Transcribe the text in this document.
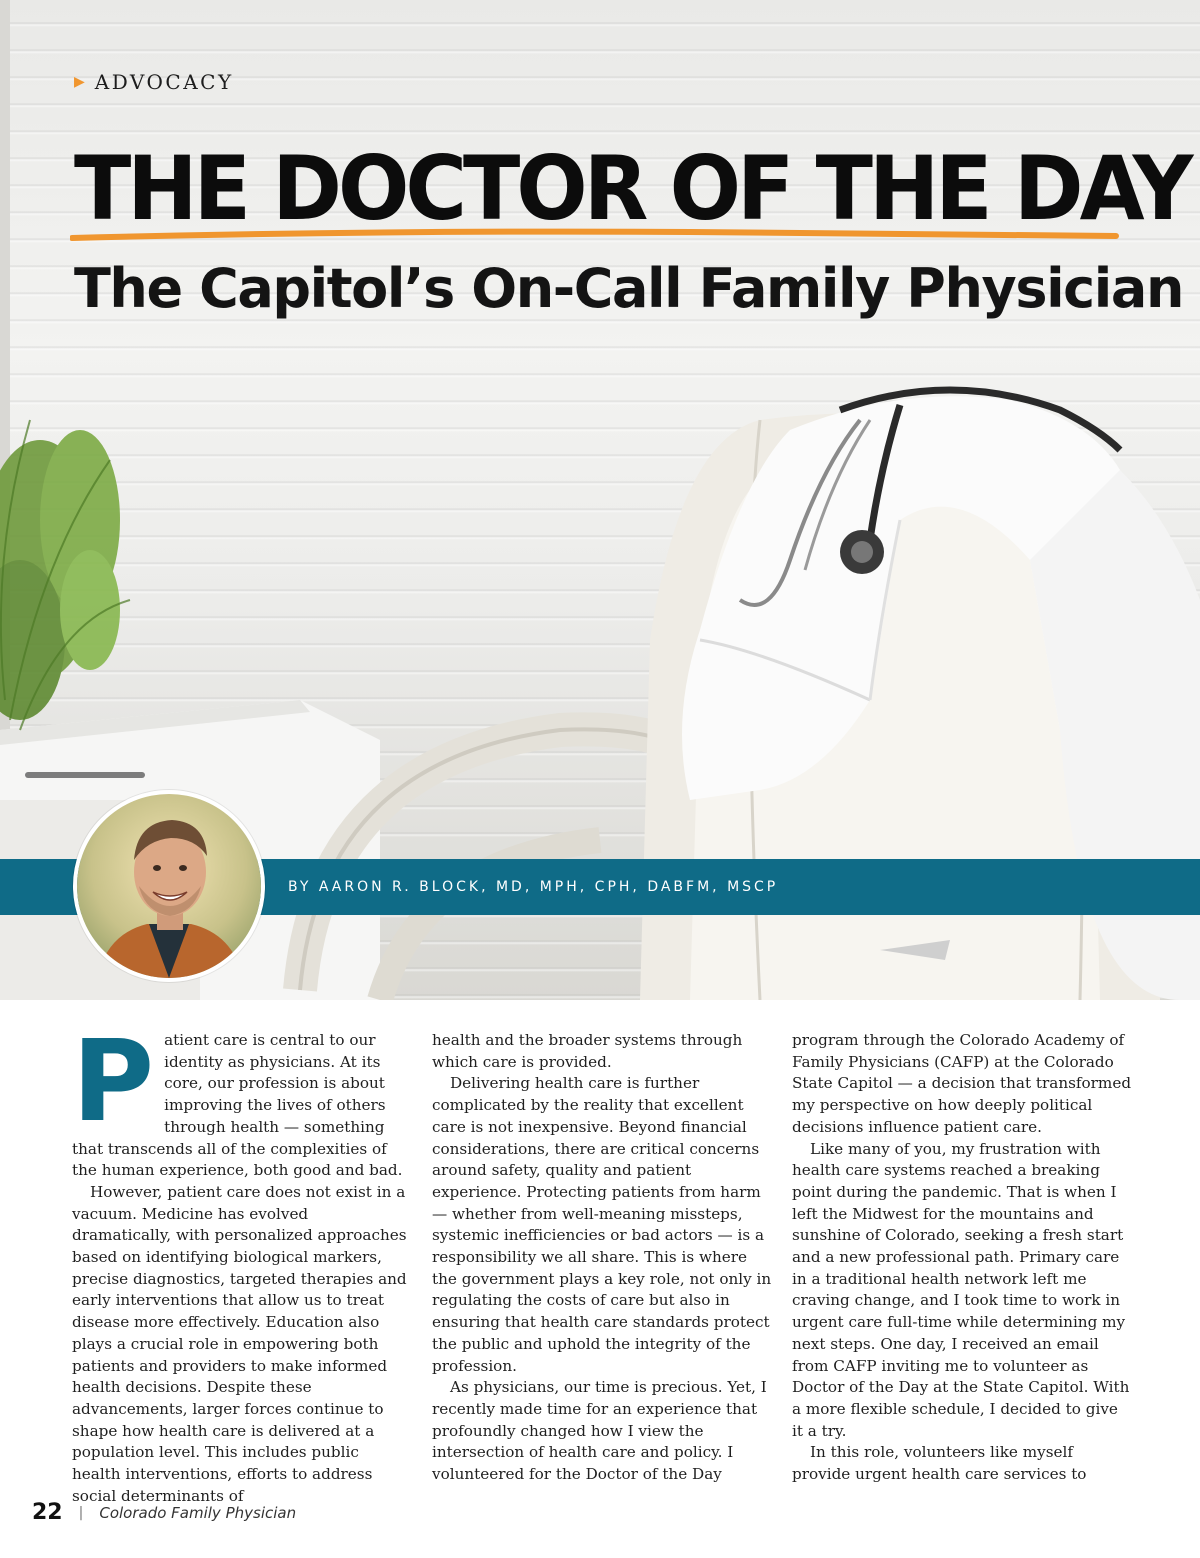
▶ ADVOCACY
THE DOCTOR OF THE DAY
The Capitol’s On-Call Family Physician
BY AARON R. BLOCK, MD, MPH, CPH, DABFM, MSCP

Patient care is central to our identity as physicians. At its core, our profession is about improving the lives of others through health — something that transcends all of the complexities of the human experience, both good and bad.

However, patient care does not exist in a vacuum. Medicine has evolved dramatically, with personalized approaches based on identifying biological markers, precise diagnostics, targeted therapies and early interventions that allow us to treat disease more effectively. Education also plays a crucial role in empowering both patients and providers to make informed health decisions. Despite these advancements, larger forces continue to shape how health care is delivered at a population level. This includes public health interventions, efforts to address social determinants of

health and the broader systems through which care is provided.

Delivering health care is further complicated by the reality that excellent care is not inexpensive. Beyond financial considerations, there are critical concerns around safety, quality and patient experience. Protecting patients from harm — whether from well-meaning missteps, systemic inefficiencies or bad actors — is a responsibility we all share. This is where the government plays a key role, not only in regulating the costs of care but also in ensuring that health care standards protect the public and uphold the integrity of the profession.

As physicians, our time is precious. Yet, I recently made time for an experience that profoundly changed how I view the intersection of health care and policy. I volunteered for the Doctor of the Day

program through the Colorado Academy of Family Physicians (CAFP) at the Colorado State Capitol — a decision that transformed my perspective on how deeply political decisions influence patient care.

Like many of you, my frustration with health care systems reached a breaking point during the pandemic. That is when I left the Midwest for the mountains and sunshine of Colorado, seeking a fresh start and a new professional path. Primary care in a traditional health network left me craving change, and I took time to work in urgent care full-time while determining my next steps. One day, I received an email from CAFP inviting me to volunteer as Doctor of the Day at the State Capitol. With a more flexible schedule, I decided to give it a try.

In this role, volunteers like myself provide urgent health care services to

22 | Colorado Family Physician
